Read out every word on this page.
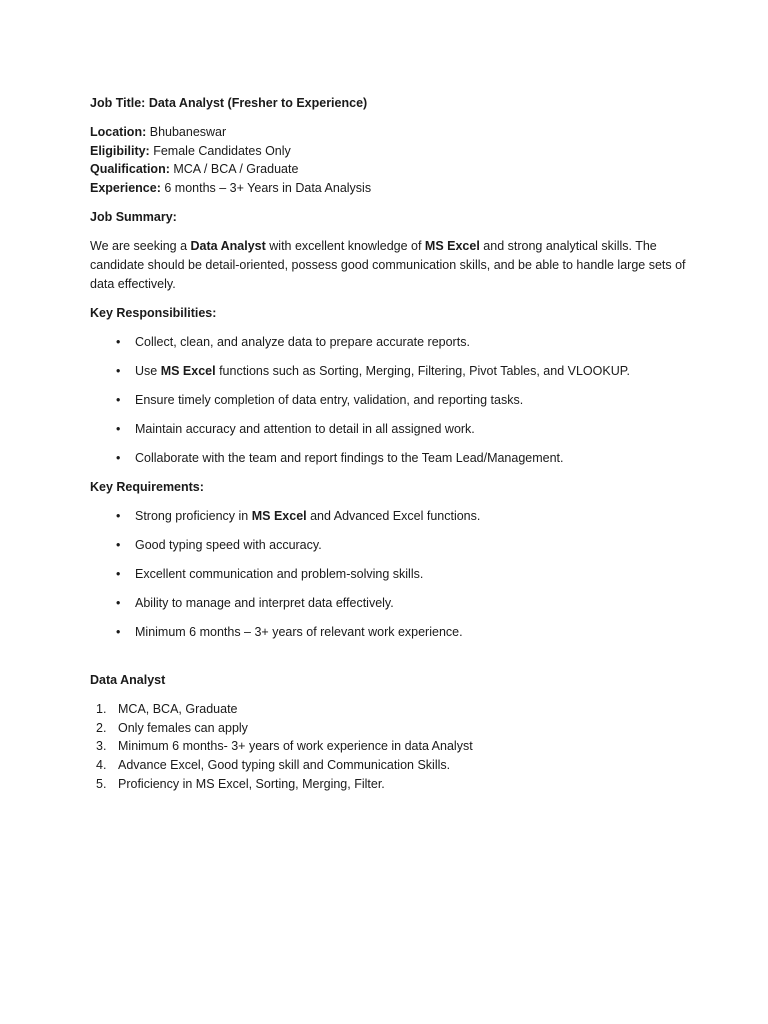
Job Title: Data Analyst (Fresher to Experience)

Location: Bhubaneswar
Eligibility: Female Candidates Only
Qualification: MCA / BCA / Graduate
Experience: 6 months – 3+ Years in Data Analysis

Job Summary:

We are seeking a Data Analyst with excellent knowledge of MS Excel and strong analytical skills. The candidate should be detail-oriented, possess good communication skills, and be able to handle large sets of data effectively.

Key Responsibilities:

• Collect, clean, and analyze data to prepare accurate reports.
• Use MS Excel functions such as Sorting, Merging, Filtering, Pivot Tables, and VLOOKUP.
• Ensure timely completion of data entry, validation, and reporting tasks.
• Maintain accuracy and attention to detail in all assigned work.
• Collaborate with the team and report findings to the Team Lead/Management.

Key Requirements:

• Strong proficiency in MS Excel and Advanced Excel functions.
• Good typing speed with accuracy.
• Excellent communication and problem-solving skills.
• Ability to manage and interpret data effectively.
• Minimum 6 months – 3+ years of relevant work experience.

Data Analyst

1. MCA, BCA, Graduate
2. Only females can apply
3. Minimum 6 months- 3+ years of work experience in data Analyst
4. Advance Excel, Good typing skill and Communication Skills.
5. Proficiency in MS Excel, Sorting, Merging, Filter.
